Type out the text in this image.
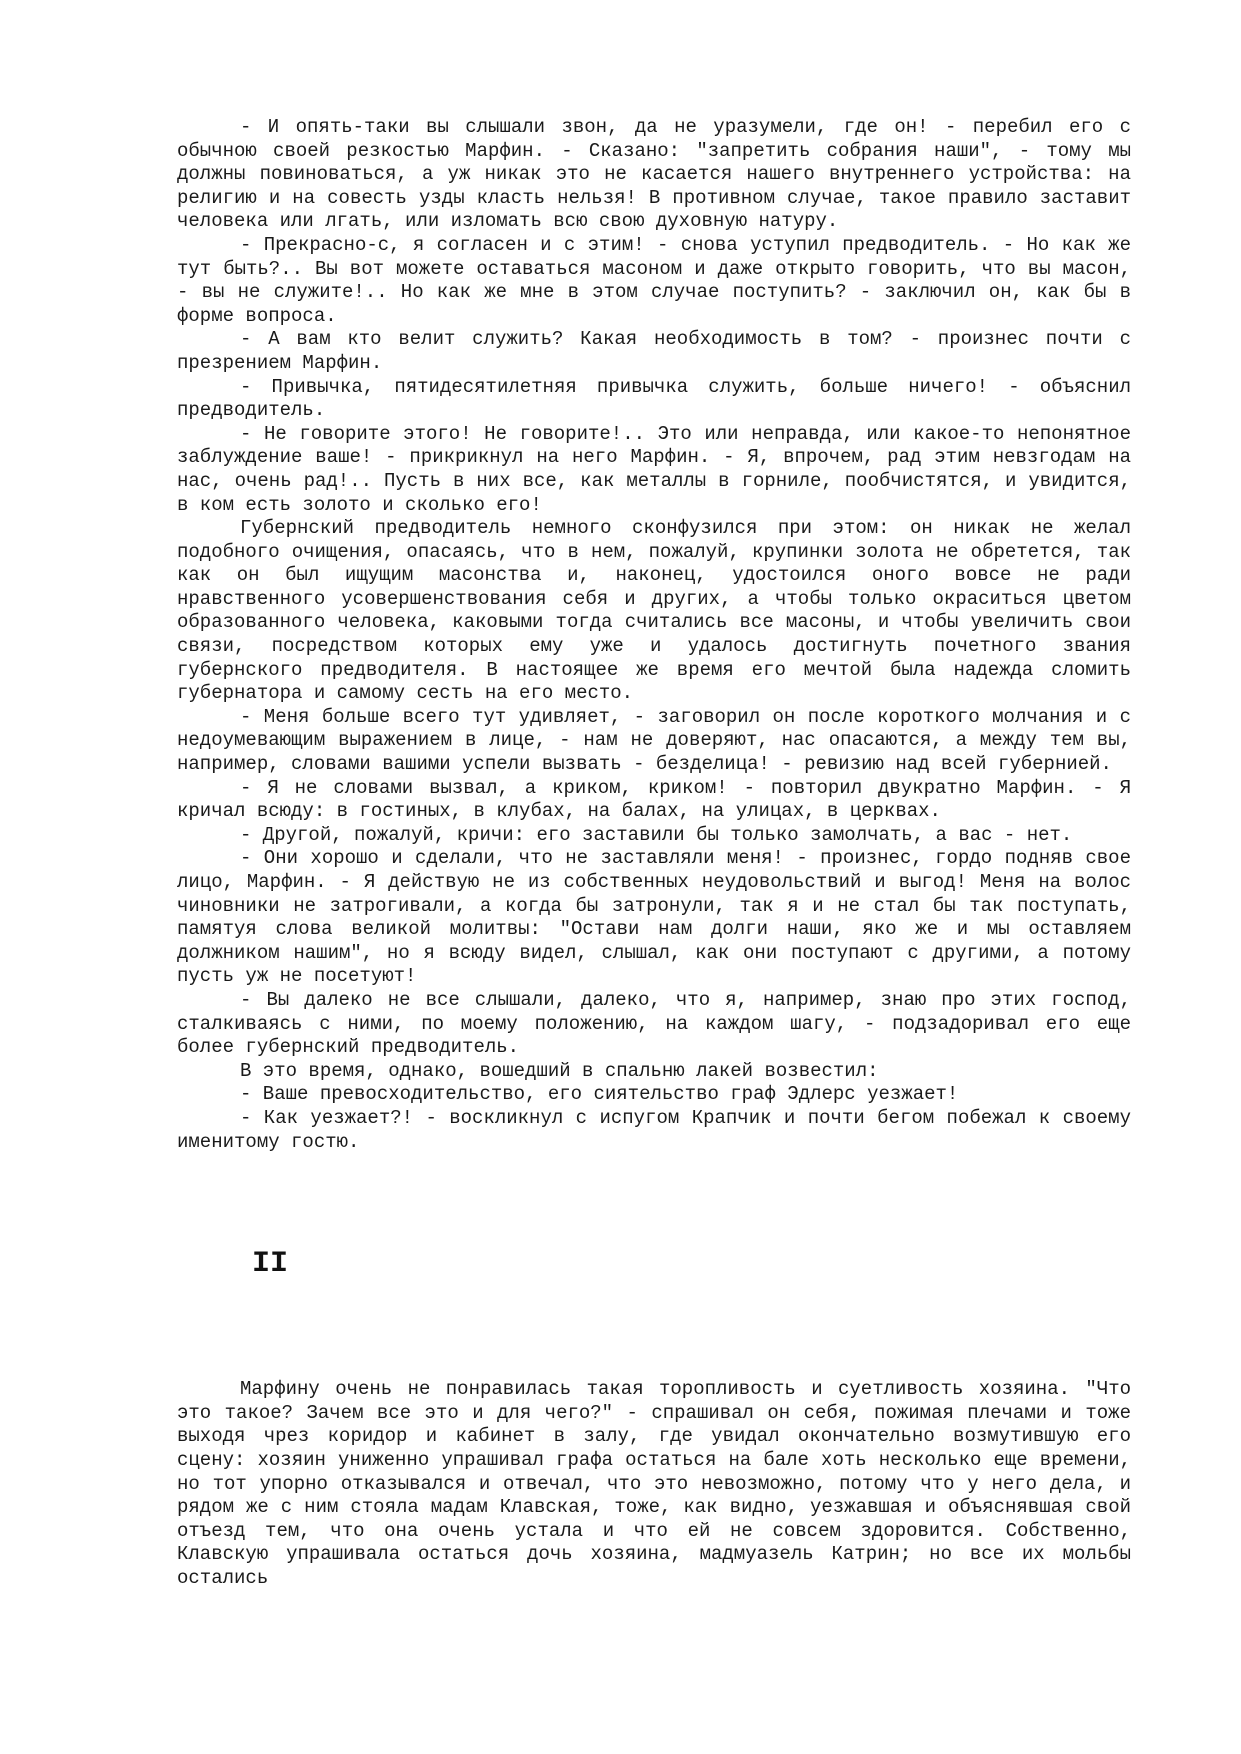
- И опять-таки вы слышали звон, да не уразумели, где он! - перебил его с обычною своей резкостью Марфин. - Сказано: "запретить собрания наши", - тому мы должны повиноваться, а уж никак это не касается нашего внутреннего устройства: на религию и на совесть узды класть нельзя! В противном случае, такое правило заставит человека или лгать, или изломать всю свою духовную натуру.

- Прекрасно-с, я согласен и с этим! - снова уступил предводитель. - Но как же тут быть?.. Вы вот можете оставаться масоном и даже открыто говорить, что вы масон, - вы не служите!.. Но как же мне в этом случае поступить? - заключил он, как бы в форме вопроса.

- А вам кто велит служить? Какая необходимость в том? - произнес почти с презрением Марфин.

- Привычка, пятидесятилетняя привычка служить, больше ничего! - объяснил предводитель.

- Не говорите этого! Не говорите!.. Это или неправда, или какое-то непонятное заблуждение ваше! - прикрикнул на него Марфин. - Я, впрочем, рад этим невзгодам на нас, очень рад!.. Пусть в них все, как металлы в горниле, пообчистятся, и увидится, в ком есть золото и сколько его!

Губернский предводитель немного сконфузился при этом: он никак не желал подобного очищения, опасаясь, что в нем, пожалуй, крупинки золота не обретется, так как он был ищущим масонства и, наконец, удостоился оного вовсе не ради нравственного усовершенствования себя и других, а чтобы только окраситься цветом образованного человека, каковыми тогда считались все масоны, и чтобы увеличить свои связи, посредством которых ему уже и удалось достигнуть почетного звания губернского предводителя. В настоящее же время его мечтой была надежда сломить губернатора и самому сесть на его место.

- Меня больше всего тут удивляет, - заговорил он после короткого молчания и с недоумевающим выражением в лице, - нам не доверяют, нас опасаются, а между тем вы, например, словами вашими успели вызвать - безделица! - ревизию над всей губернией.

- Я не словами вызвал, а криком, криком! - повторил двукратно Марфин. - Я кричал всюду: в гостиных, в клубах, на балах, на улицах, в церквах.

- Другой, пожалуй, кричи: его заставили бы только замолчать, а вас - нет.

- Они хорошо и сделали, что не заставляли меня! - произнес, гордо подняв свое лицо, Марфин. - Я действую не из собственных неудовольствий и выгод! Меня на волос чиновники не затрогивали, а когда бы затронули, так я и не стал бы так поступать, памятуя слова великой молитвы: "Остави нам долги наши, яко же и мы оставляем должником нашим", но я всюду видел, слышал, как они поступают с другими, а потому пусть уж не посетуют!

- Вы далеко не все слышали, далеко, что я, например, знаю про этих господ, сталкиваясь с ними, по моему положению, на каждом шагу, - подзадоривал его еще более губернский предводитель.

В это время, однако, вошедший в спальню лакей возвестил:

- Ваше превосходительство, его сиятельство граф Эдлерс уезжает!

- Как уезжает?! - воскликнул с испугом Крапчик и почти бегом побежал к своему именитому гостю.

II

Марфину очень не понравилась такая торопливость и суетливость хозяина. "Что это такое? Зачем все это и для чего?" - спрашивал он себя, пожимая плечами и тоже выходя чрез коридор и кабинет в залу, где увидал окончательно возмутившую его сцену: хозяин униженно упрашивал графа остаться на бале хоть несколько еще времени, но тот упорно отказывался и отвечал, что это невозможно, потому что у него дела, и рядом же с ним стояла мадам Клавская, тоже, как видно, уезжавшая и объяснявшая свой отъезд тем, что она очень устала и что ей не совсем здоровится. Собственно, Клавскую упрашивала остаться дочь хозяина, мадмуазель Катрин; но все их мольбы остались
